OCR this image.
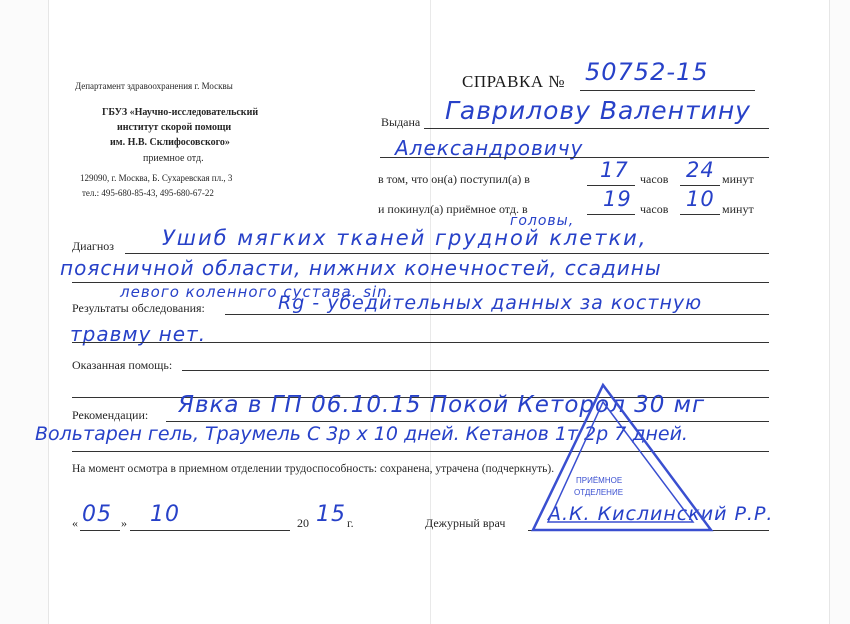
Департамент здравоохранения г. Москвы
ГБУЗ «Научно-исследовательский
институт скорой помощи
им. Н.В. Склифосовского»
приемное отд.
129090, г. Москва, Б. Сухаревская пл., 3
тел.: 495-680-85-43, 495-680-67-22
СПРАВКА № 50752-15
Выдана Гаврилову Валентину
Александровичу
в том, что он(а) поступил(а) в	17 часов 24 минут
и покинул(а) приёмное отд. в	19 часов 10 минут
Диагноз
головы,
Ушиб мягких тканей грудной клетки,
поясничной области, нижних конечностей, ссадины
левого коленного сустава. sin.
Результаты обследования:	Rg - убедительных данных за костную
травму нет.
Оказанная помощь:
Рекомендации: Явка в ГП 06.10.15 Покой Кеторол 30 мг
Вольтарен гель, Траумель С 3р х 10 дней. Кетанов 1т 2р 7 дней.
На момент осмотра в приемном отделении трудоспособность: сохранена, утрачена (подчеркнуть).
« 05 » 10	20 15 г.	Дежурный врач А.К. Кислинский Р.Р.
ПРИЁМНОЕ
ОТДЕЛЕНИЕ
